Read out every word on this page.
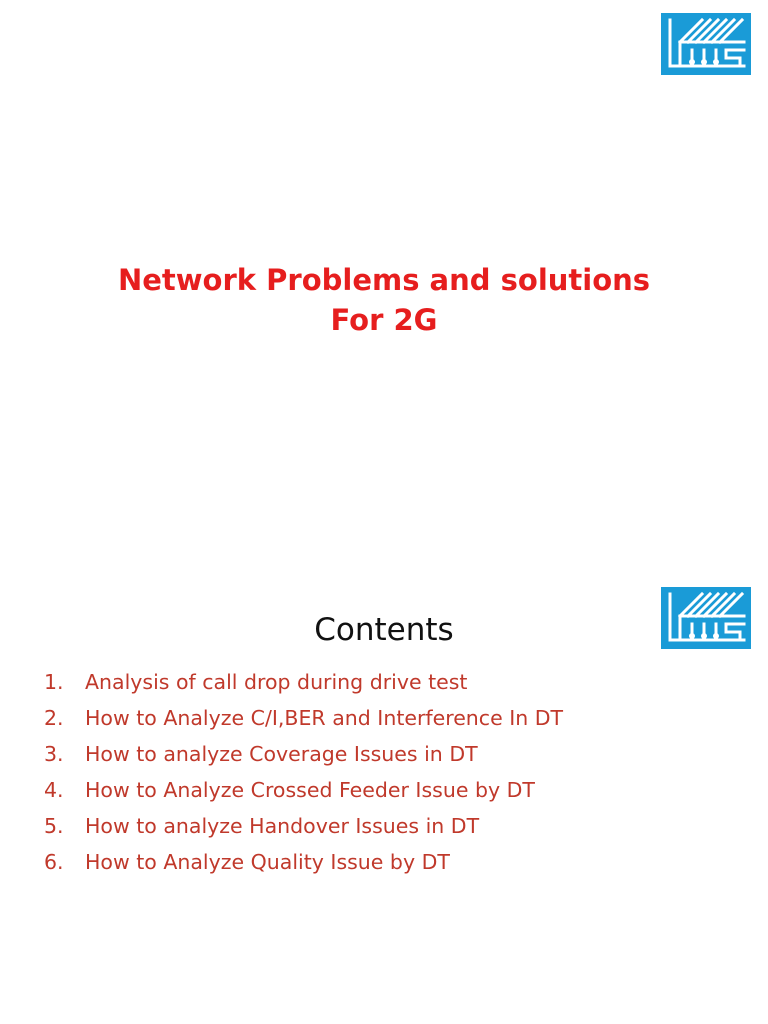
Network Problems and solutions
For 2G
Contents
1. Analysis of call drop during drive test
2. How to Analyze C/I,BER and Interference In DT
3. How to analyze Coverage Issues in DT
4. How to Analyze Crossed Feeder Issue by DT
5. How to analyze Handover Issues in DT
6. How to Analyze Quality Issue by DT
